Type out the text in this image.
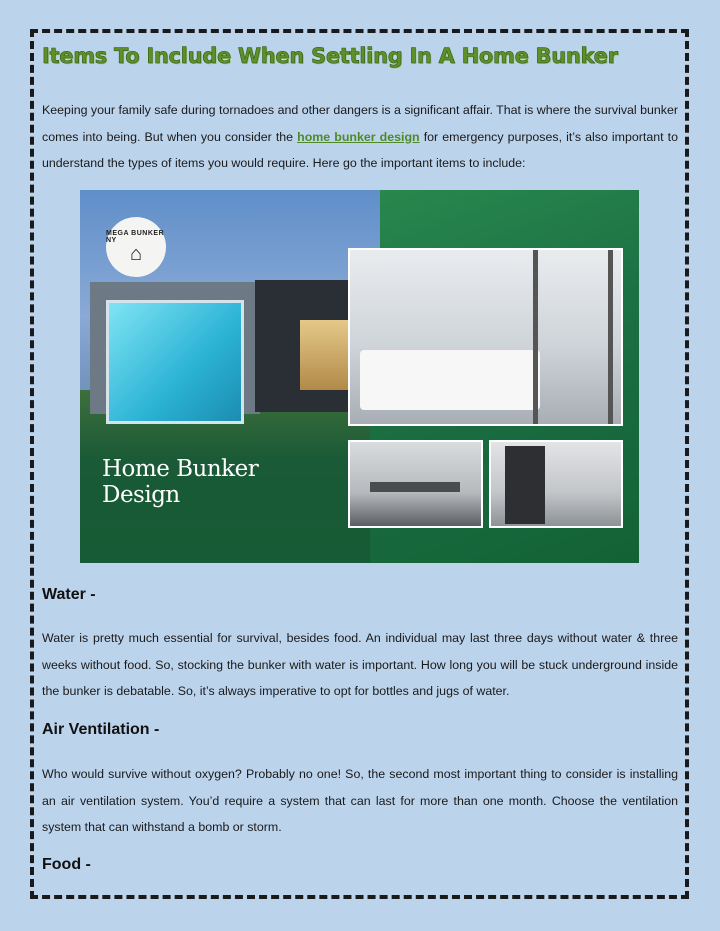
Items To Include When Settling In A Home Bunker

Keeping your family safe during tornadoes and other dangers is a significant affair. That is where the survival bunker comes into being. But when you consider the home bunker design for emergency purposes, it’s also important to understand the types of items you would require. Here go the important items to include:

MEGA BUNKER NY
⌂
Home Bunker Design
Water -

Water is pretty much essential for survival, besides food. An individual may last three days without water & three weeks without food. So, stocking the bunker with water is important. How long you will be stuck underground inside the bunker is debatable. So, it’s always imperative to opt for bottles and jugs of water.

Air Ventilation -

Who would survive without oxygen? Probably no one! So, the second most important thing to consider is installing an air ventilation system. You’d require a system that can last for more than one month. Choose the ventilation system that can withstand a bomb or storm.

Food -
